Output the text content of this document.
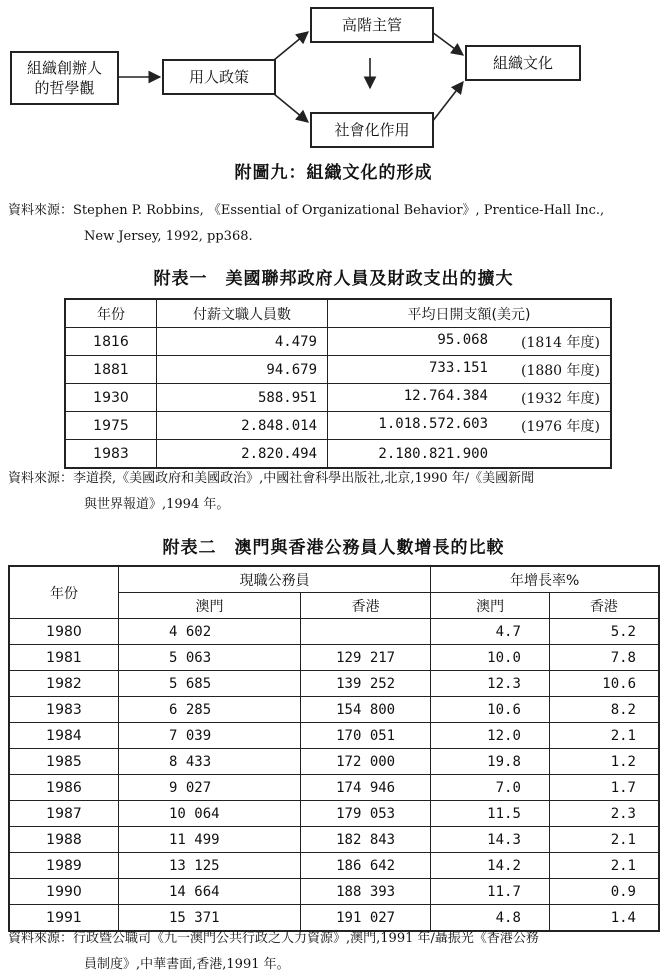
組織創辦人
的哲學觀
用人政策
高階主管
社會化作用
組織文化
附圖九：組織文化的形成
資料來源：Stephen P. Robbins, 《Essential of Organizational Behavior》, Prentice-Hall Inc.,
New Jersey, 1992, pp368.
附表一　美國聯邦政府人員及財政支出的擴大
年份	付薪文職人員數	平均日開支額(美元)
1816	4.479	95.068 (1814 年度)

1881	94.679	733.151 (1880 年度)

1930	588.951	12.764.384 (1932 年度)

1975	2.848.014	1.018.572.603 (1976 年度)

1983	2.820.494	2.180.821.900
資料來源：李道揆,《美國政府和美國政治》,中國社會科學出版社,北京,1990 年/《美國新聞
與世界報道》,1994 年。
附表二　澳門與香港公務員人數增長的比較
年份	現職公務員		年增長率%	
	澳門	香港	澳門	香港
1980	4 602		4.7	5.2
1981	5 063	129 217	10.0	7.8
1982	5 685	139 252	12.3	10.6
1983	6 285	154 800	10.6	8.2
1984	7 039	170 051	12.0	2.1
1985	8 433	172 000	19.8	1.2
1986	9 027	174 946	7.0	1.7
1987	10 064	179 053	11.5	2.3
1988	11 499	182 843	14.3	2.1
1989	13 125	186 642	14.2	2.1
1990	14 664	188 393	11.7	0.9
1991	15 371	191 027	4.8	1.4
資料來源：行政暨公職司《九一澳門公共行政之人力資源》,澳門,1991 年/聶振光《香港公務
員制度》,中華書面,香港,1991 年。
